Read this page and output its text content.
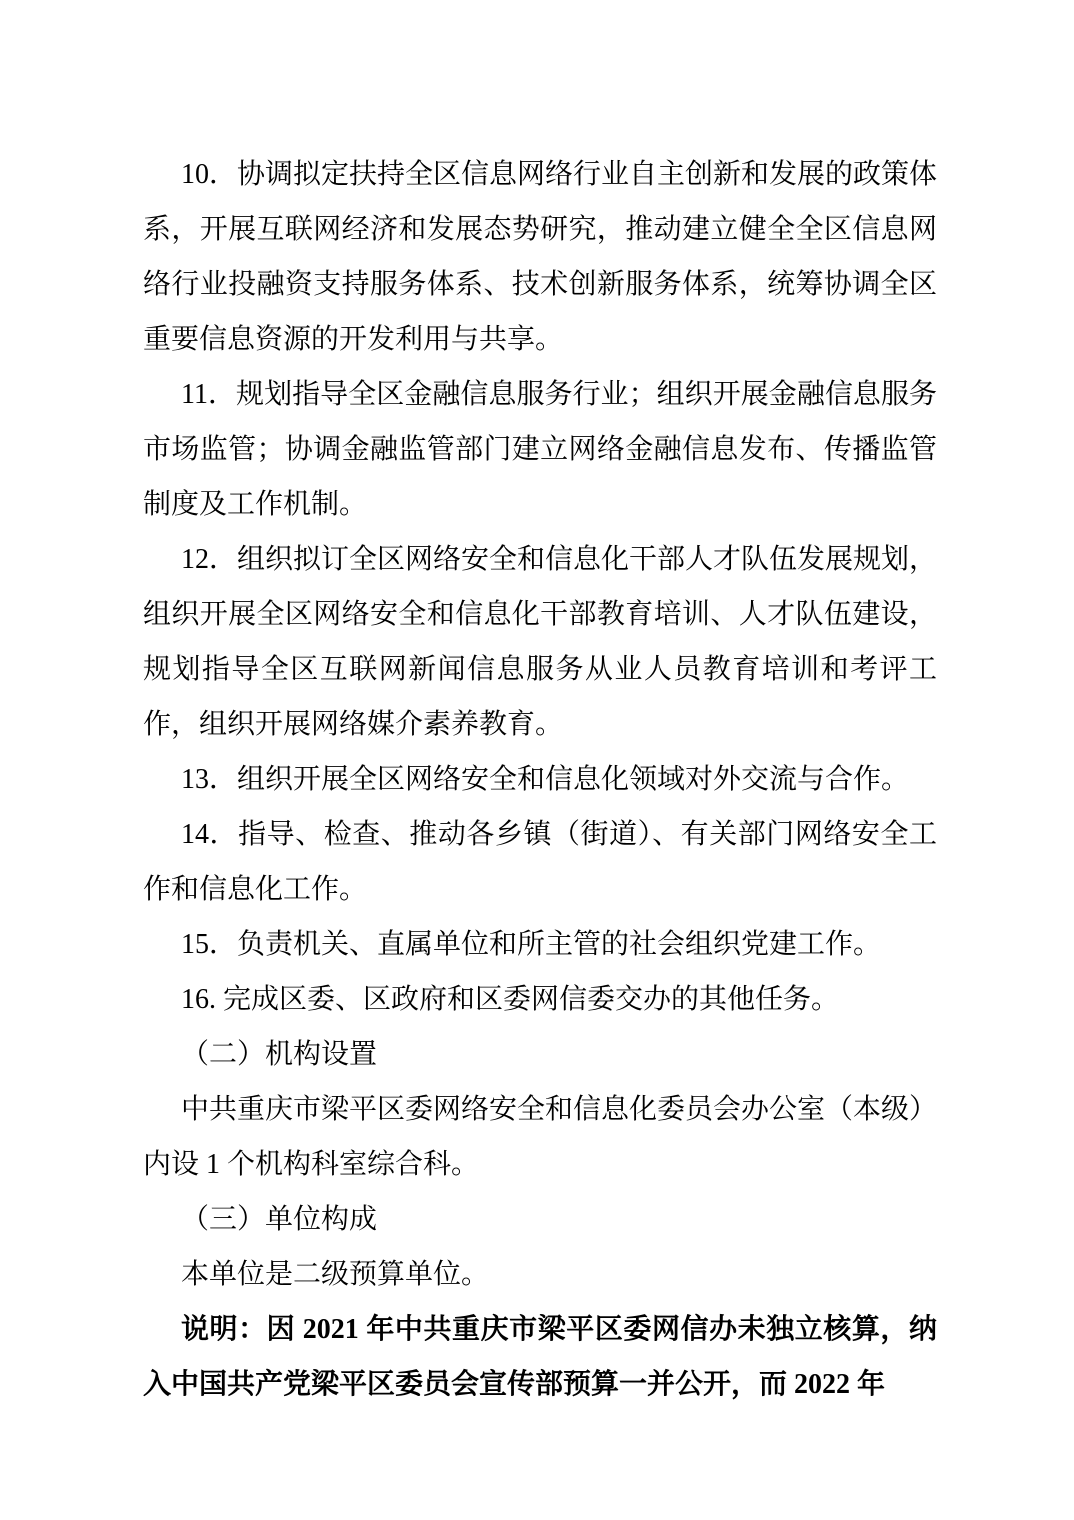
10．协调拟定扶持全区信息网络行业自主创新和发展的政策体系，开展互联网经济和发展态势研究，推动建立健全全区信息网络行业投融资支持服务体系、技术创新服务体系，统筹协调全区重要信息资源的开发利用与共享。

11．规划指导全区金融信息服务行业；组织开展金融信息服务市场监管；协调金融监管部门建立网络金融信息发布、传播监管制度及工作机制。

12．组织拟订全区网络安全和信息化干部人才队伍发展规划，组织开展全区网络安全和信息化干部教育培训、人才队伍建设，规划指导全区互联网新闻信息服务从业人员教育培训和考评工作，组织开展网络媒介素养教育。

13．组织开展全区网络安全和信息化领域对外交流与合作。

14．指导、检查、推动各乡镇（街道）、有关部门网络安全工作和信息化工作。

15．负责机关、直属单位和所主管的社会组织党建工作。

16. 完成区委、区政府和区委网信委交办的其他任务。

（二）机构设置

中共重庆市梁平区委网络安全和信息化委员会办公室（本级）内设 1 个机构科室综合科。

（三）单位构成

本单位是二级预算单位。

说明：因 2021 年中共重庆市梁平区委网信办未独立核算，纳入中国共产党梁平区委员会宣传部预算一并公开，而 2022 年
